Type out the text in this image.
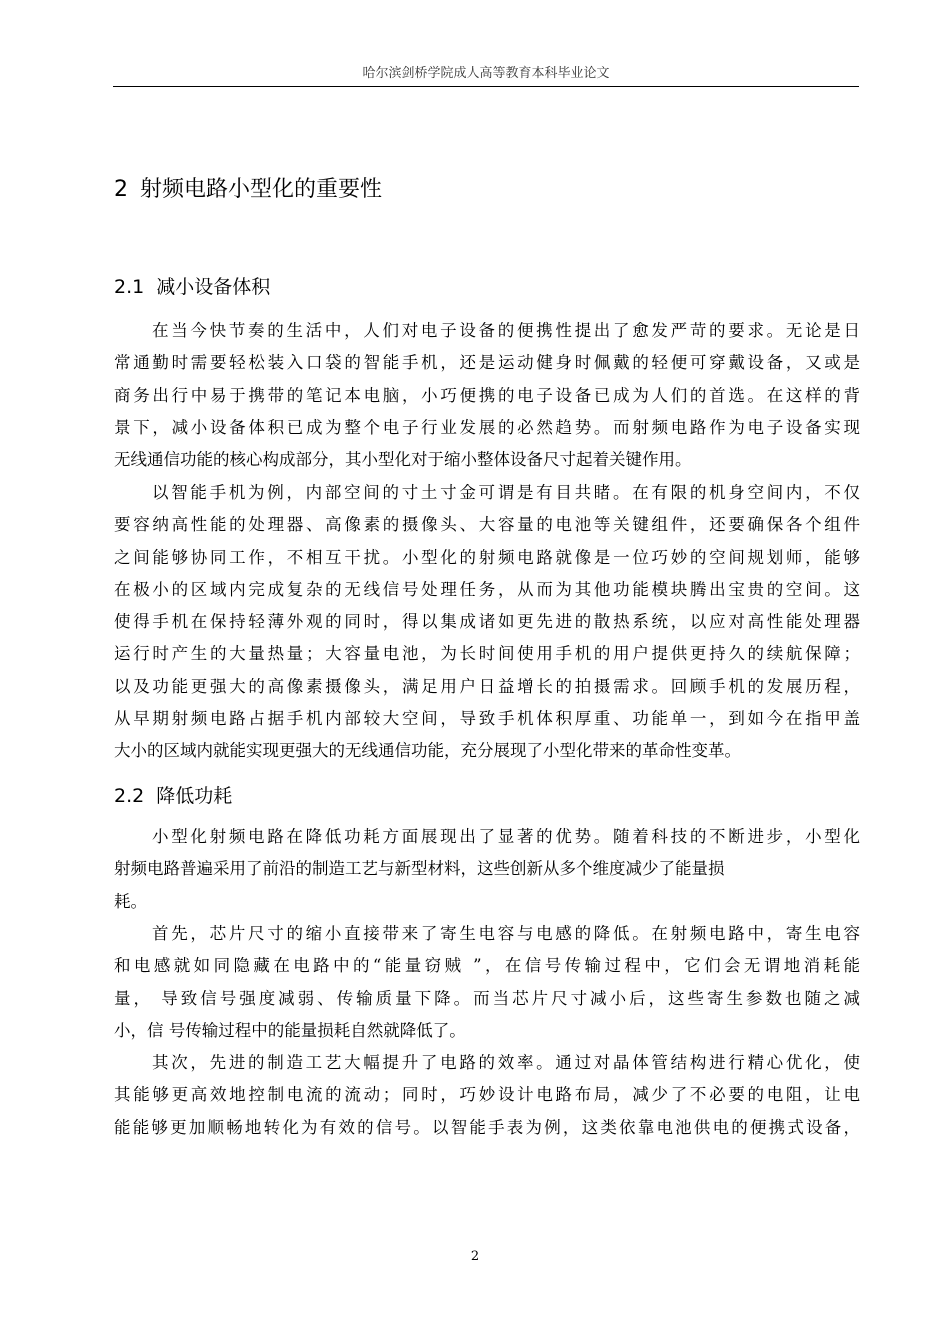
哈尔滨剑桥学院成人高等教育本科毕业论文
2 射频电路小型化的重要性
2.1 减小设备体积
在当今快节奏的生活中，人们对电子设备的便携性提出了愈发严苛的要求。无论是日
常通勤时需要轻松装入口袋的智能手机，还是运动健身时佩戴的轻便可穿戴设备，又或是
商务出行中易于携带的笔记本电脑，小巧便携的电子设备已成为人们的首选。在这样的背
景下，减小设备体积已成为整个电子行业发展的必然趋势。而射频电路作为电子设备实现
无线通信功能的核心构成部分，其小型化对于缩小整体设备尺寸起着关键作用。
以智能手机为例，内部空间的寸土寸金可谓是有目共睹。在有限的机身空间内，不仅
要容纳高性能的处理器、高像素的摄像头、大容量的电池等关键组件，还要确保各个组件
之间能够协同工作，不相互干扰。小型化的射频电路就像是一位巧妙的空间规划师，能够
在极小的区域内完成复杂的无线信号处理任务，从而为其他功能模块腾出宝贵的空间。这
使得手机在保持轻薄外观的同时，得以集成诸如更先进的散热系统，以应对高性能处理器
运行时产生的大量热量；大容量电池，为长时间使用手机的用户提供更持久的续航保障；
以及功能更强大的高像素摄像头，满足用户日益增长的拍摄需求。回顾手机的发展历程，
从早期射频电路占据手机内部较大空间，导致手机体积厚重、功能单一，到如今在指甲盖
大小的区域内就能实现更强大的无线通信功能，充分展现了小型化带来的革命性变革。
2.2 降低功耗
小型化射频电路在降低功耗方面展现出了显著的优势。随着科技的不断进步，小型化
射频电路普遍采用了前沿的制造工艺与新型材料，这些创新从多个维度减少了能量损
耗。
首先，芯片尺寸的缩小直接带来了寄生电容与电感的降低。在射频电路中，寄生电容
和电感就如同隐藏在电路中的“能量窃贼 ”，在信号传输过程中，它们会无谓地消耗能
量， 导致信号强度减弱、传输质量下降。而当芯片尺寸减小后，这些寄生参数也随之减
小，信 号传输过程中的能量损耗自然就降低了。
其次，先进的制造工艺大幅提升了电路的效率。通过对晶体管结构进行精心优化，使
其能够更高效地控制电流的流动；同时，巧妙设计电路布局，减少了不必要的电阻，让电
能能够更加顺畅地转化为有效的信号。以智能手表为例，这类依靠电池供电的便携式设备，
2
